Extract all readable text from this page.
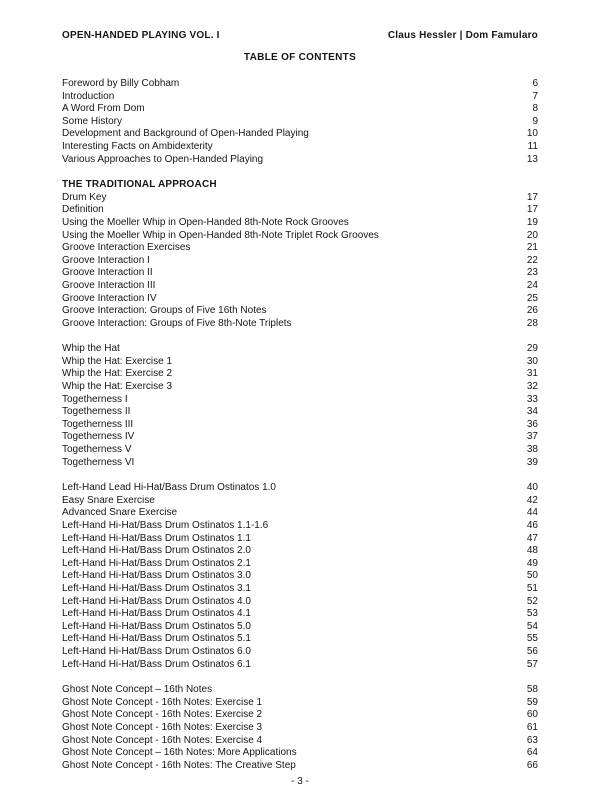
OPEN-HANDED PLAYING VOL. I	Claus Hessler | Dom Famularo
TABLE OF CONTENTS
Foreword by Billy Cobham	6
Introduction	7
A Word From Dom	8
Some History	9
Development and Background of Open-Handed Playing	10
Interesting Facts on Ambidexterity	11
Various Approaches to Open-Handed Playing	13
THE TRADITIONAL APPROACH
Drum Key	17
Definition	17
Using the Moeller Whip in Open-Handed 8th-Note Rock Grooves	19
Using the Moeller Whip in Open-Handed 8th-Note Triplet Rock Grooves	20
Groove Interaction Exercises	21
Groove Interaction I	22
Groove Interaction II	23
Groove Interaction III	24
Groove Interaction IV	25
Groove Interaction: Groups of Five 16th Notes	26
Groove Interaction: Groups of Five 8th-Note Triplets	28
Whip the Hat	29
Whip the Hat: Exercise 1	30
Whip the Hat: Exercise 2	31
Whip the Hat: Exercise 3	32
Togetherness I	33
Togetherness II	34
Togetherness III	36
Togetherness IV	37
Togetherness V	38
Togetherness VI	39
Left-Hand Lead Hi-Hat/Bass Drum Ostinatos 1.0	40
Easy Snare Exercise	42
Advanced Snare Exercise	44
Left-Hand Hi-Hat/Bass Drum Ostinatos 1.1-1.6	46
Left-Hand Hi-Hat/Bass Drum Ostinatos 1.1	47
Left-Hand Hi-Hat/Bass Drum Ostinatos 2.0	48
Left-Hand Hi-Hat/Bass Drum Ostinatos 2.1	49
Left-Hand Hi-Hat/Bass Drum Ostinatos 3.0	50
Left-Hand Hi-Hat/Bass Drum Ostinatos 3.1	51
Left-Hand Hi-Hat/Bass Drum Ostinatos 4.0	52
Left-Hand Hi-Hat/Bass Drum Ostinatos 4.1	53
Left-Hand Hi-Hat/Bass Drum Ostinatos 5.0	54
Left-Hand Hi-Hat/Bass Drum Ostinatos 5.1	55
Left-Hand Hi-Hat/Bass Drum Ostinatos 6.0	56
Left-Hand Hi-Hat/Bass Drum Ostinatos 6.1	57
Ghost Note Concept – 16th Notes	58
Ghost Note Concept - 16th Notes: Exercise 1	59
Ghost Note Concept - 16th Notes: Exercise 2	60
Ghost Note Concept - 16th Notes: Exercise 3	61
Ghost Note Concept - 16th Notes: Exercise 4	63
Ghost Note Concept – 16th Notes: More Applications	64
Ghost Note Concept - 16th Notes: The Creative Step	66
- 3 -
